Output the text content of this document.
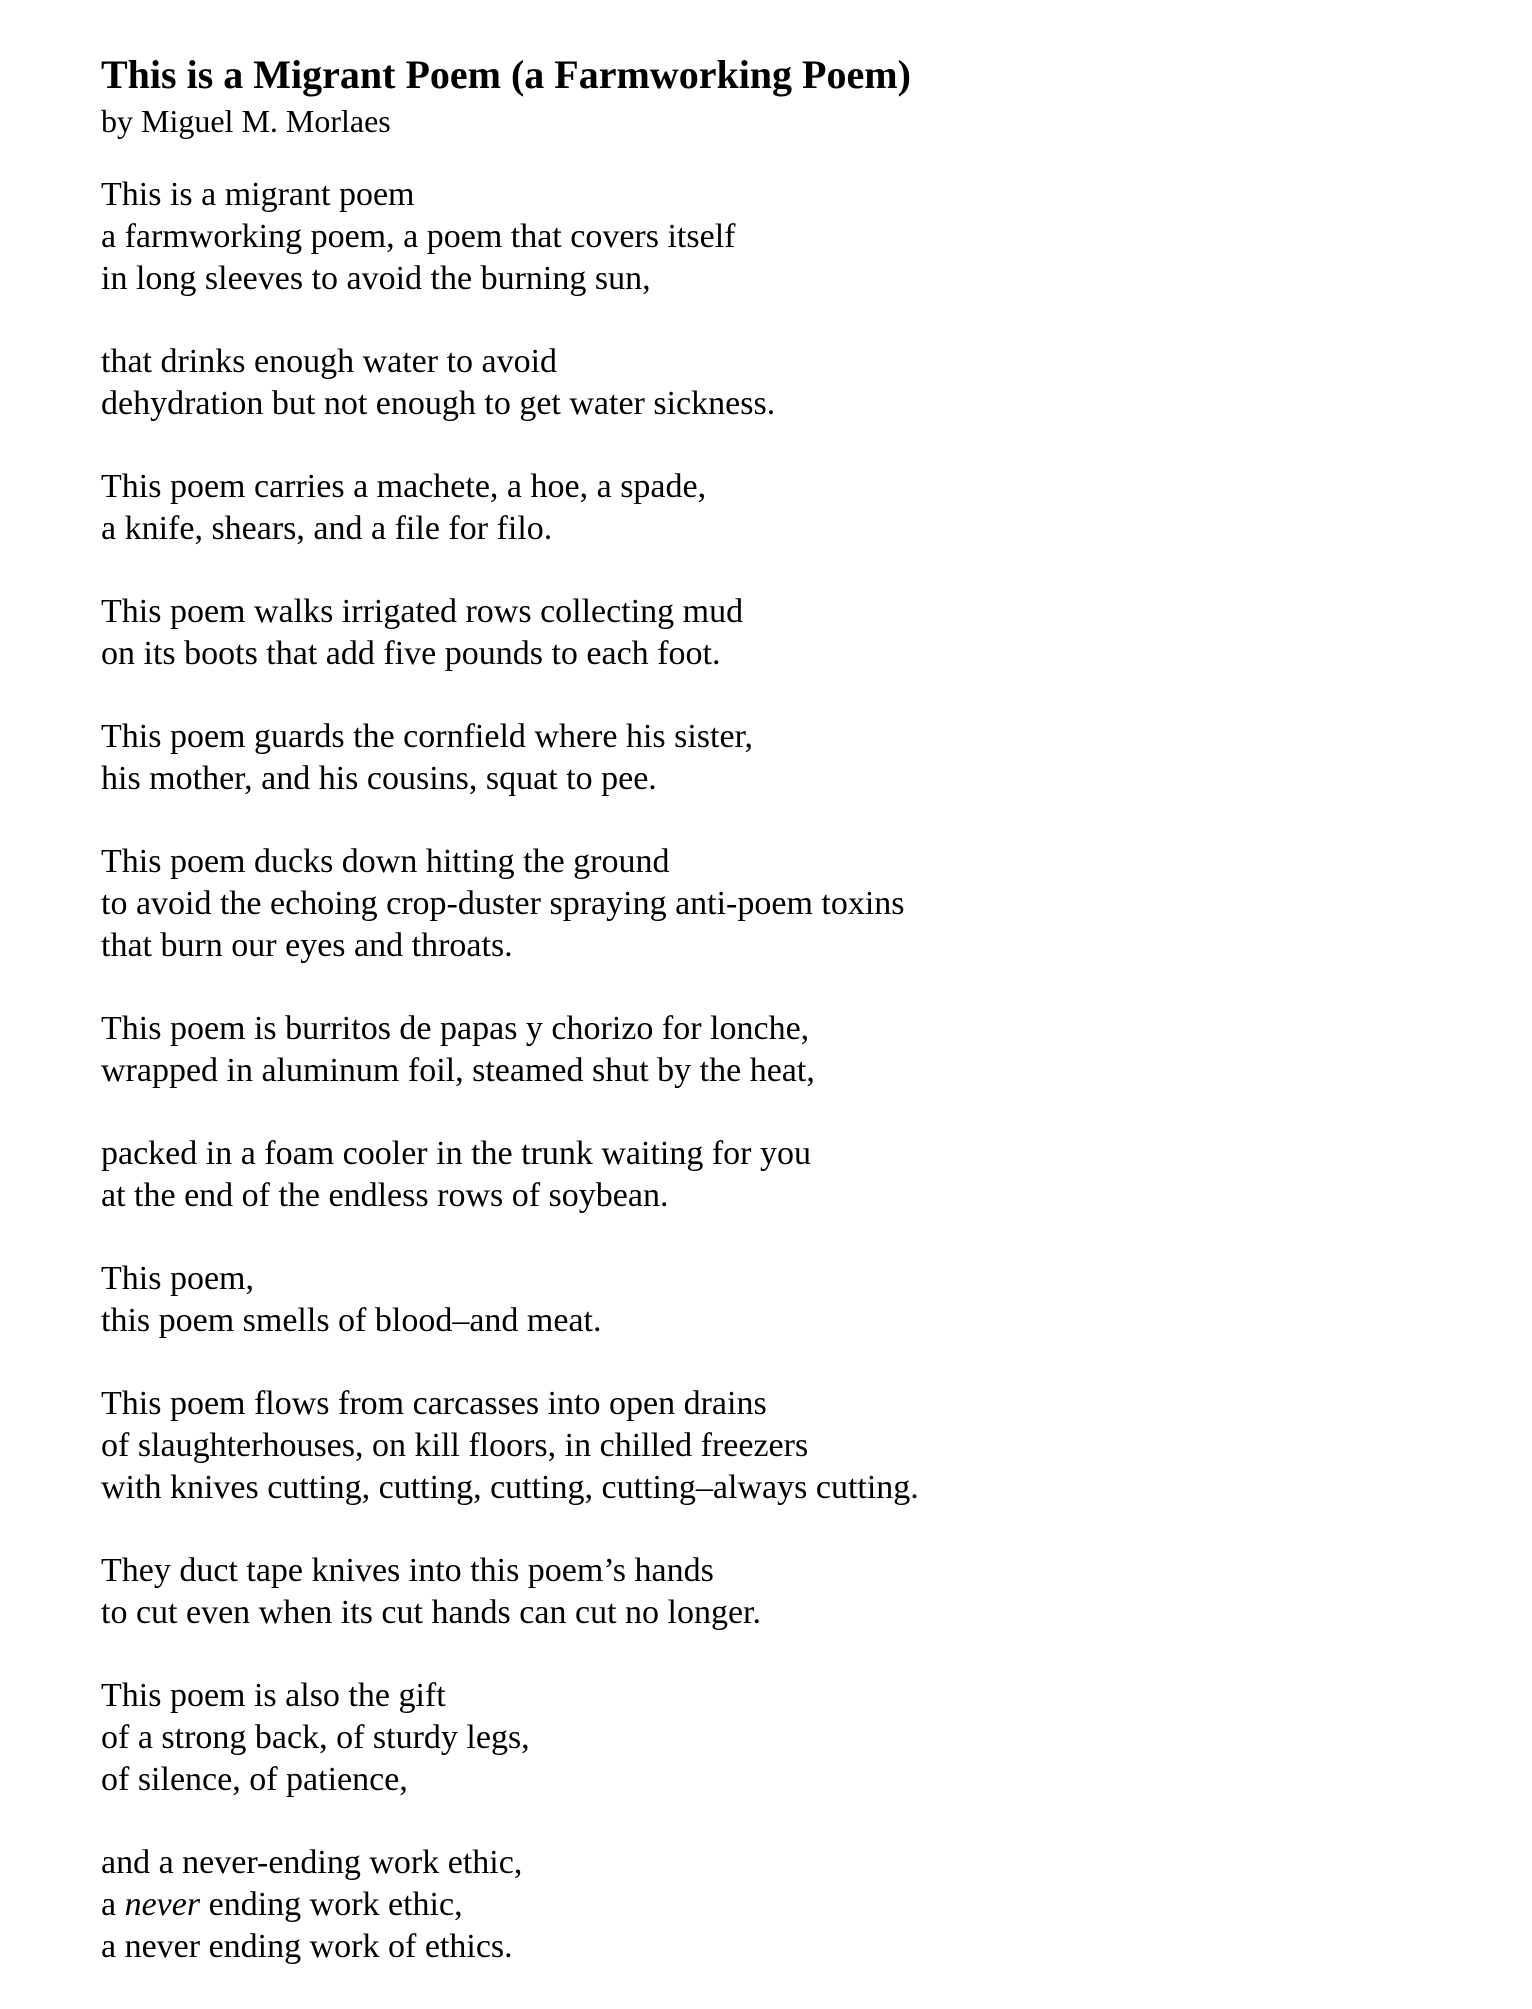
This is a Migrant Poem (a Farmworking Poem)

by Miguel M. Morlaes

This is a migrant poem
a farmworking poem, a poem that covers itself
in long sleeves to avoid the burning sun,
that drinks enough water to avoid
dehydration but not enough to get water sickness.
This poem carries a machete, a hoe, a spade,
a knife, shears, and a file for filo.
This poem walks irrigated rows collecting mud
on its boots that add five pounds to each foot.
This poem guards the cornfield where his sister,
his mother, and his cousins, squat to pee.
This poem ducks down hitting the ground
to avoid the echoing crop-duster spraying anti-poem toxins
that burn our eyes and throats.
This poem is burritos de papas y chorizo for lonche,
wrapped in aluminum foil, steamed shut by the heat,
packed in a foam cooler in the trunk waiting for you
at the end of the endless rows of soybean.
This poem,
this poem smells of blood–and meat.
This poem flows from carcasses into open drains
of slaughterhouses, on kill floors, in chilled freezers
with knives cutting, cutting, cutting, cutting–always cutting.
They duct tape knives into this poem’s hands
to cut even when its cut hands can cut no longer.
This poem is also the gift
of a strong back, of sturdy legs,
of silence, of patience,
and a never-ending work ethic,
a never ending work ethic,
a never ending work of ethics.
